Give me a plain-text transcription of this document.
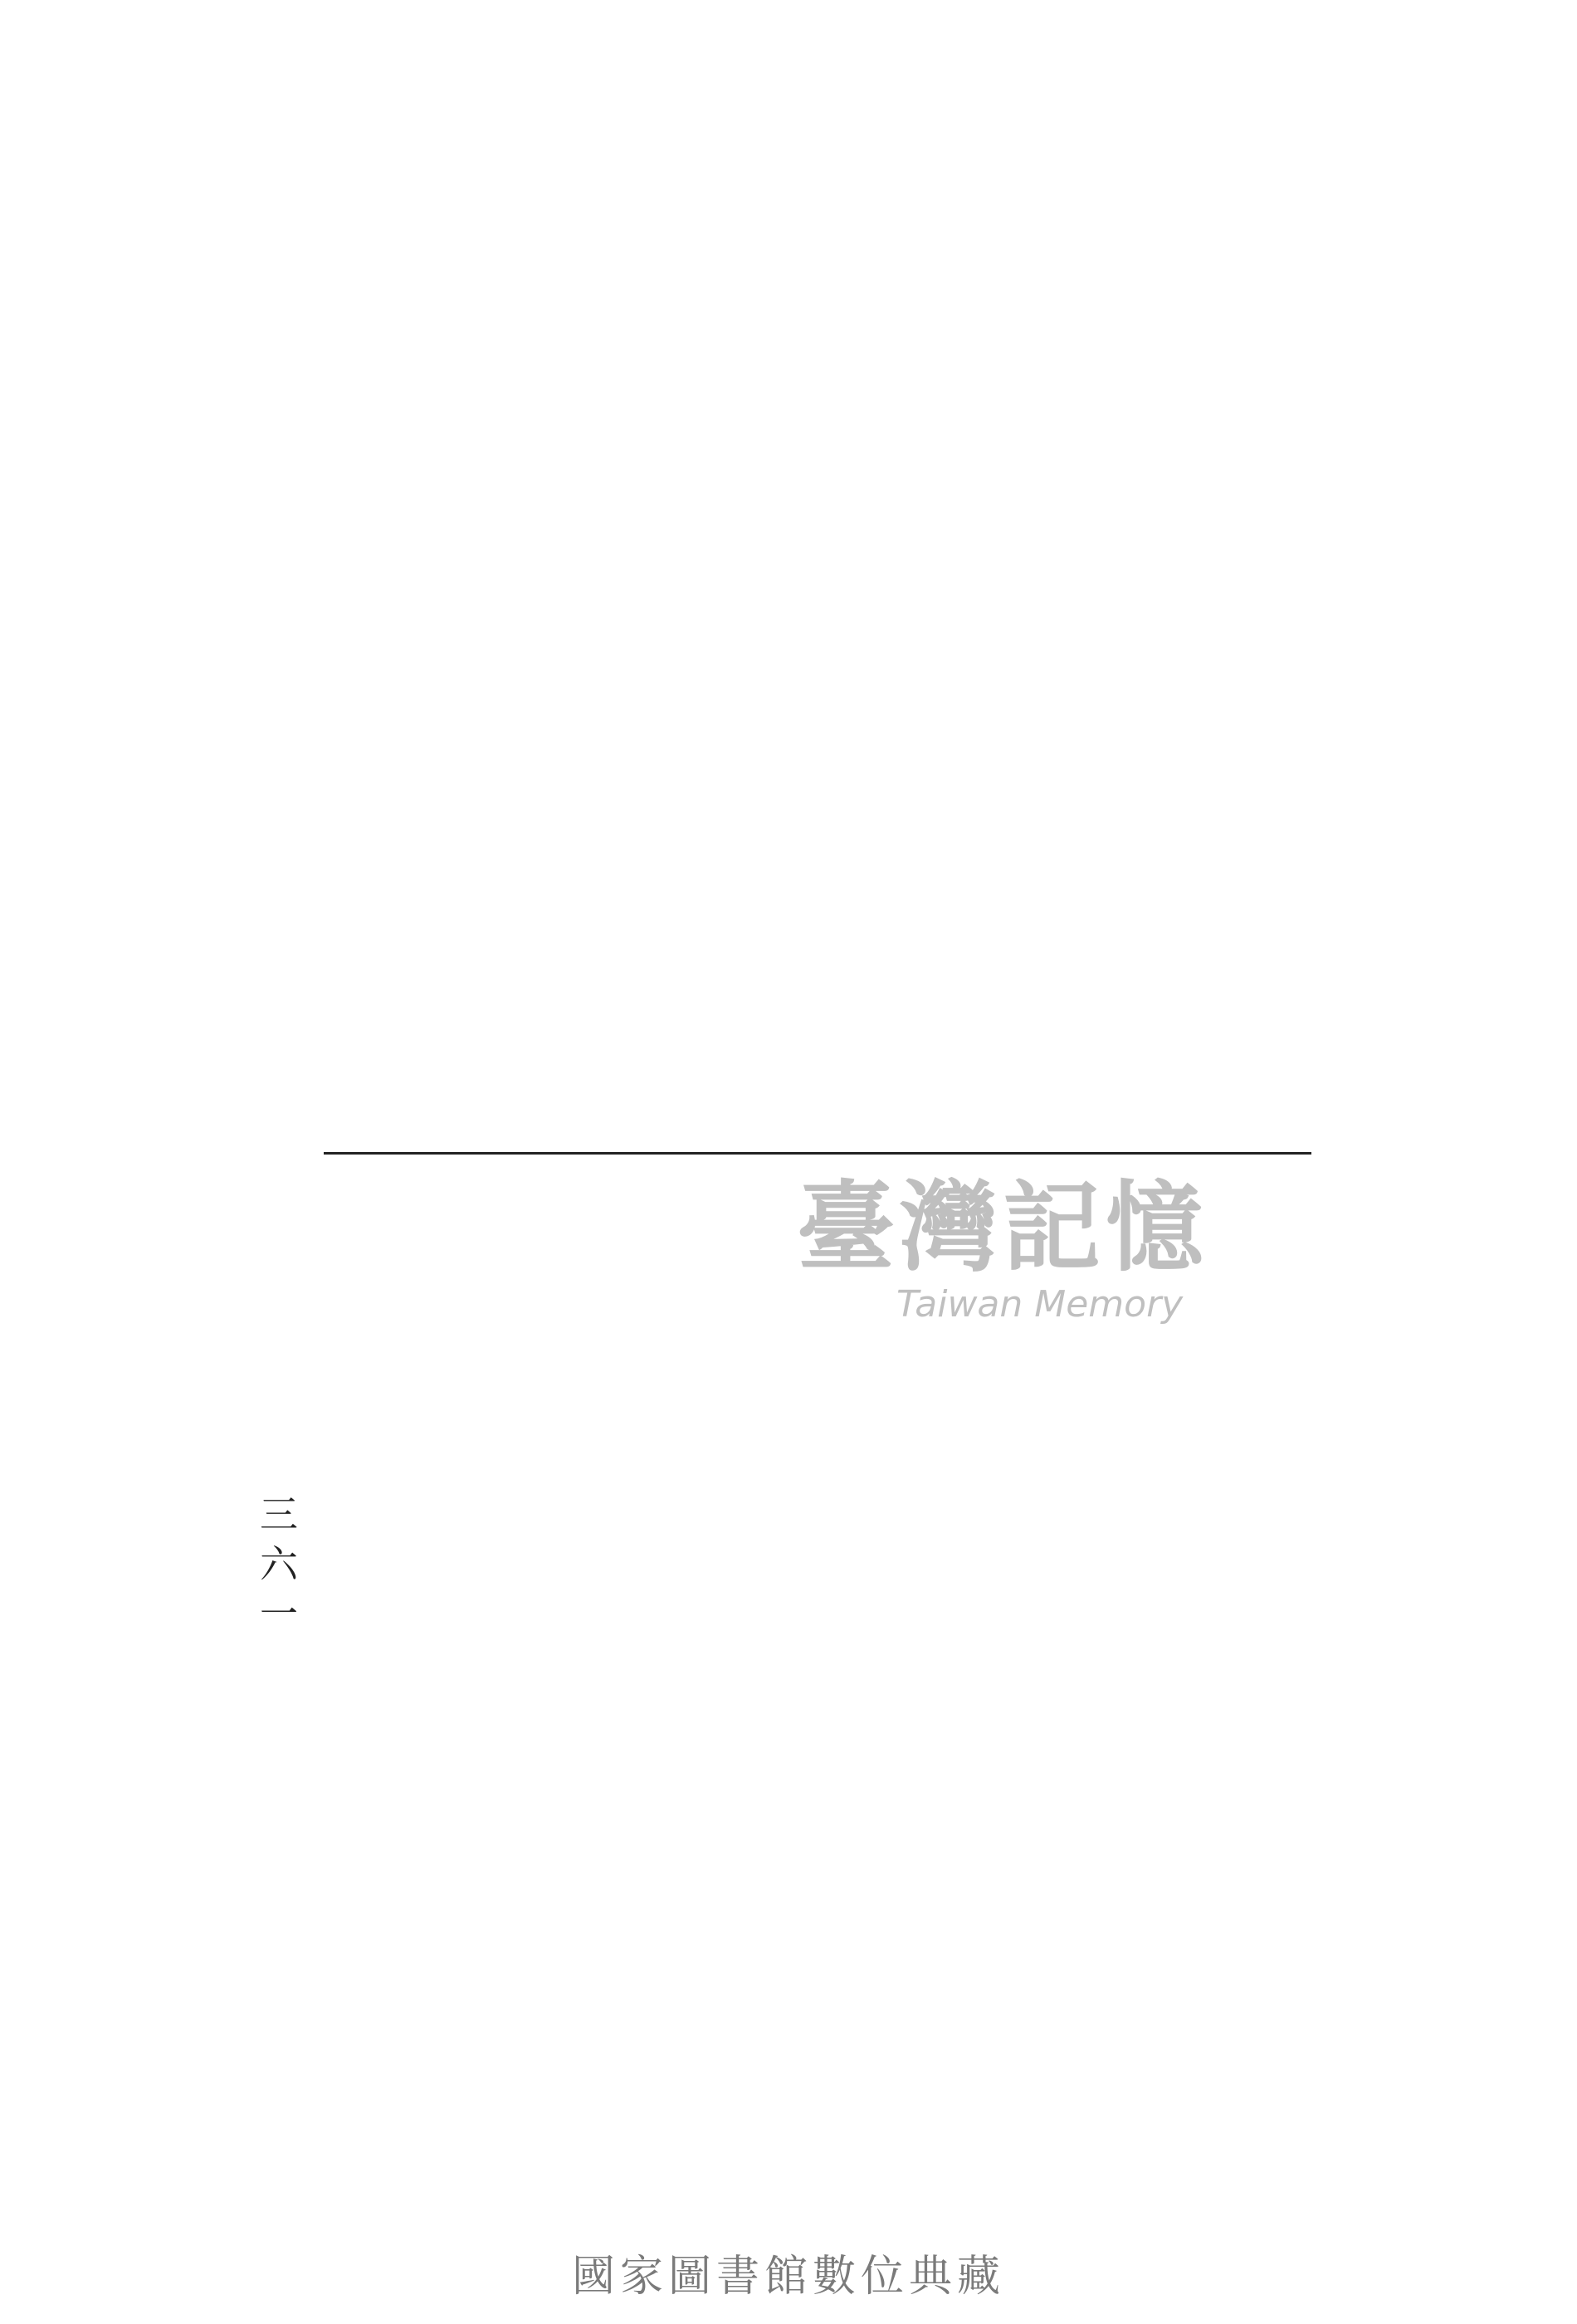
三六一
臺灣記憶
Taiwan Memory
國家圖書館數位典藏
